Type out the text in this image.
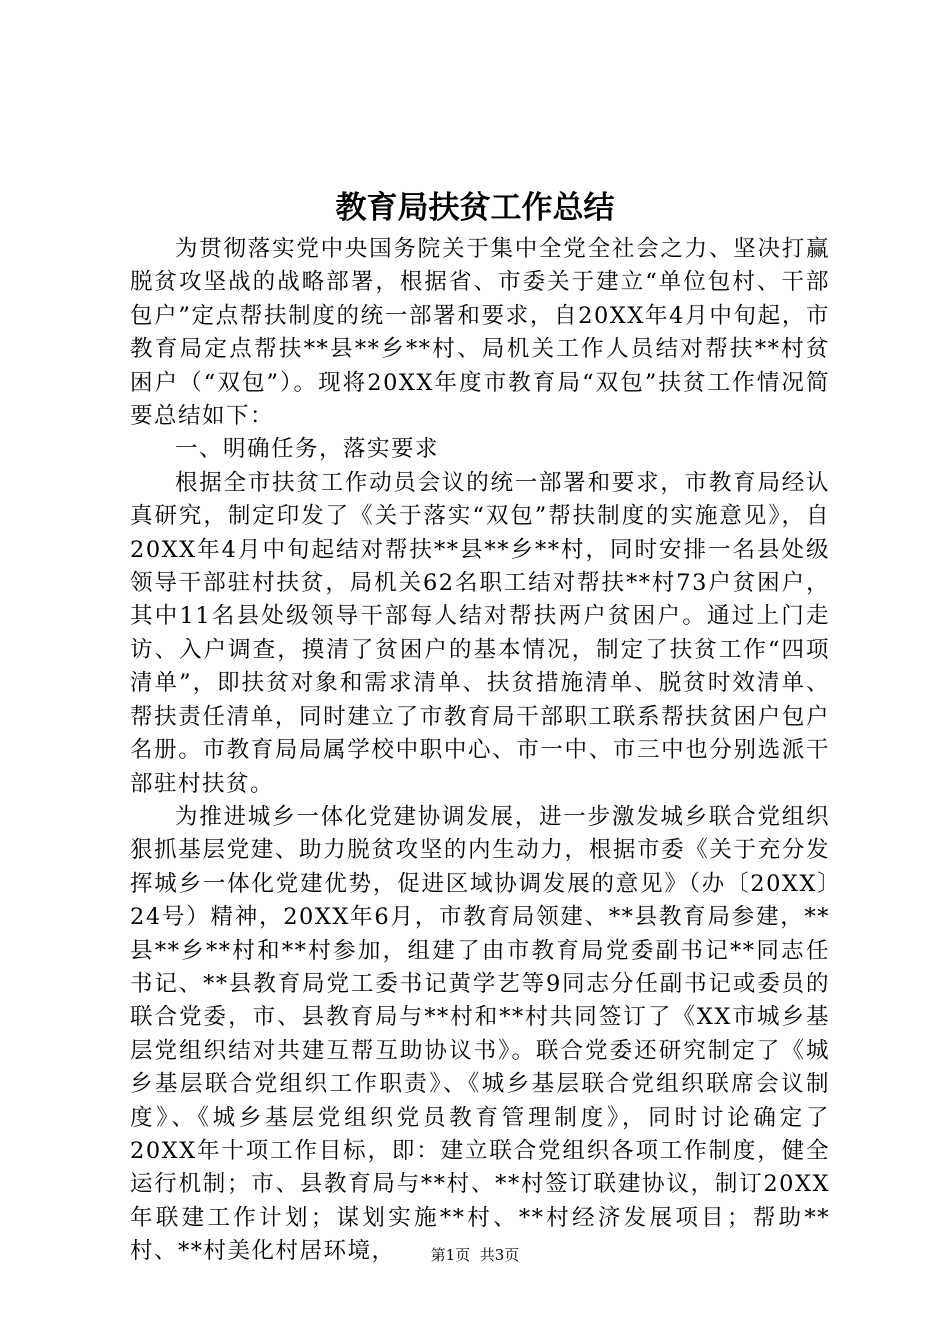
教育局扶贫工作总结

为贯彻落实党中央国务院关于集中全党全社会之力、坚决打赢脱贫攻坚战的战略部署，根据省、市委关于建立“单位包村、干部包户”定点帮扶制度的统一部署和要求，自20XX年4月中旬起，市教育局定点帮扶**县**乡**村、局机关工作人员结对帮扶**村贫困户（“双包”）。现将20XX年度市教育局“双包”扶贫工作情况简要总结如下：

一、明确任务，落实要求

根据全市扶贫工作动员会议的统一部署和要求，市教育局经认真研究，制定印发了《关于落实“双包”帮扶制度的实施意见》，自20XX年4月中旬起结对帮扶**县**乡**村，同时安排一名县处级领导干部驻村扶贫，局机关62名职工结对帮扶**村73户贫困户，其中11名县处级领导干部每人结对帮扶两户贫困户。通过上门走访、入户调查，摸清了贫困户的基本情况，制定了扶贫工作“四项清单”，即扶贫对象和需求清单、扶贫措施清单、脱贫时效清单、帮扶责任清单，同时建立了市教育局干部职工联系帮扶贫困户包户名册。市教育局局属学校中职中心、市一中、市三中也分别选派干部驻村扶贫。

为推进城乡一体化党建协调发展，进一步激发城乡联合党组织狠抓基层党建、助力脱贫攻坚的内生动力，根据市委《关于充分发挥城乡一体化党建优势，促进区域协调发展的意见》（办〔20XX〕24号）精神，20XX年6月，市教育局领建、**县教育局参建，**县**乡**村和**村参加，组建了由市教育局党委副书记**同志任书记、**县教育局党工委书记黄学艺等9同志分任副书记或委员的联合党委，市、县教育局与**村和**村共同签订了《XX市城乡基层党组织结对共建互帮互助协议书》。联合党委还研究制定了《城乡基层联合党组织工作职责》、《城乡基层联合党组织联席会议制度》、《城乡基层党组织党员教育管理制度》，同时讨论确定了20XX年十项工作目标，即：建立联合党组织各项工作制度，健全运行机制；市、县教育局与**村、**村签订联建协议，制订20XX年联建工作计划；谋划实施**村、**村经济发展项目；帮助**村、**村美化村居环境，	第1页 共3页
